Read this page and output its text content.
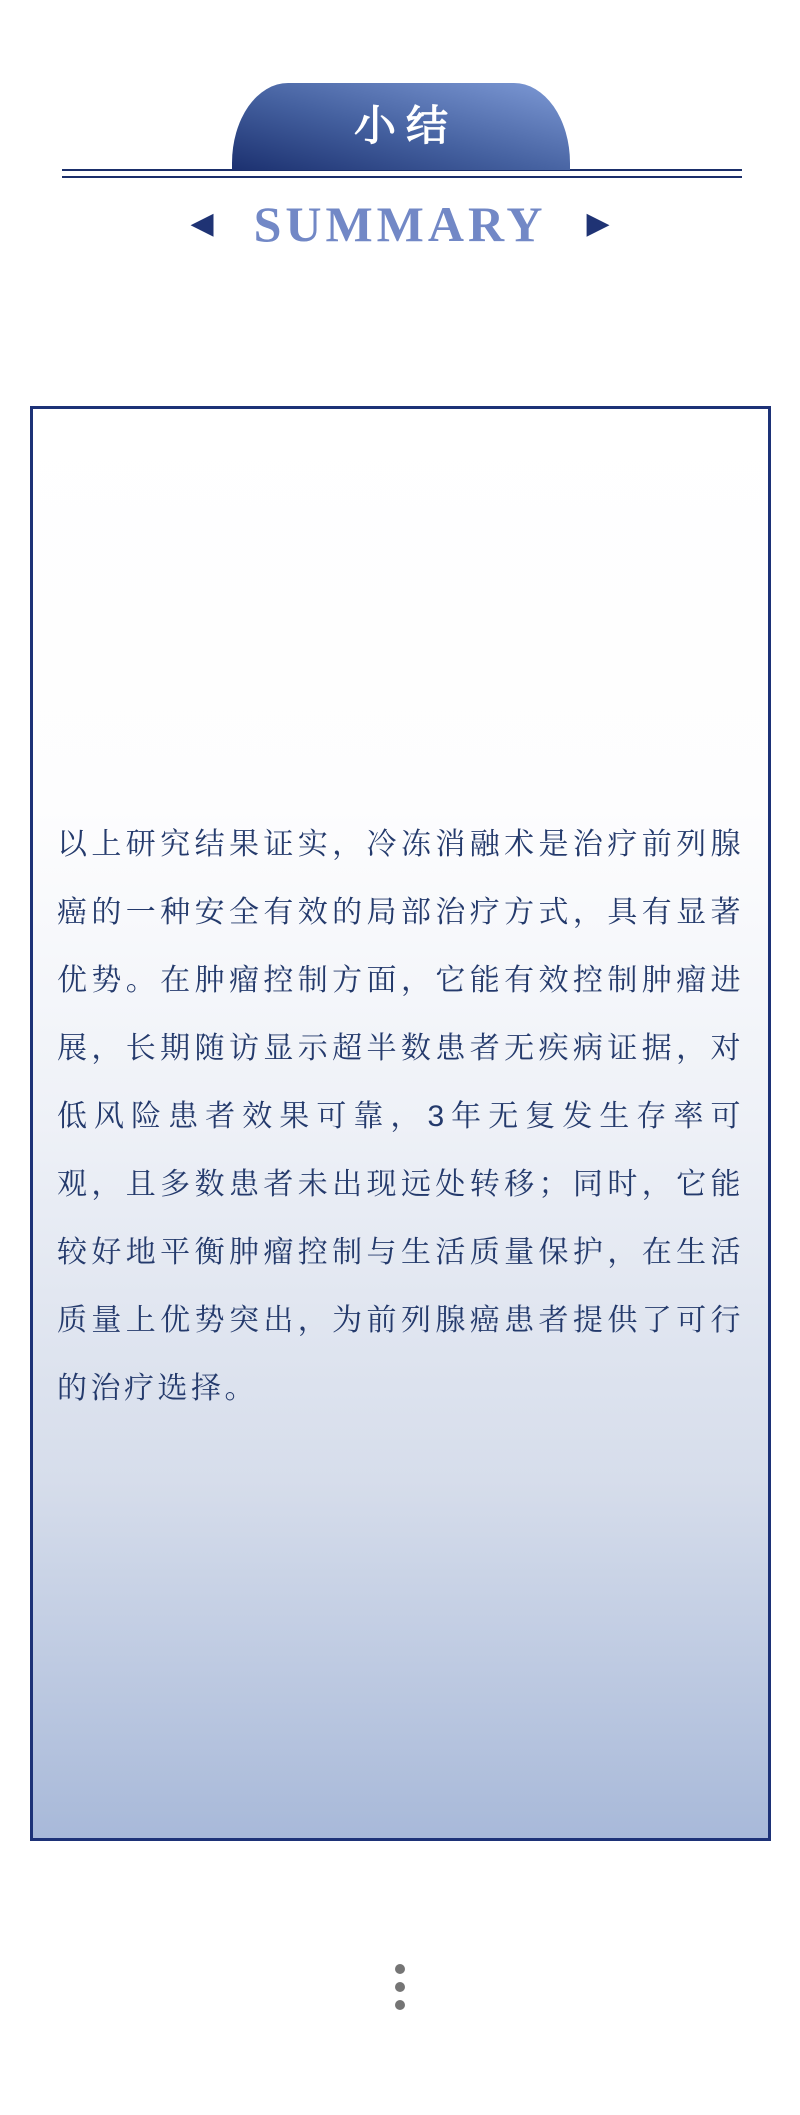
小结
◀ SUMMARY ▶

以上研究结果证实，冷冻消融术是治疗前列腺癌的一种安全有效的局部治疗方式，具有显著优势。在肿瘤控制方面，它能有效控制肿瘤进展，长期随访显示超半数患者无疾病证据，对低风险患者效果可靠，3年无复发生存率可观，且多数患者未出现远处转移；同时，它能较好地平衡肿瘤控制与生活质量保护，在生活质量上优势突出，为前列腺癌患者提供了可行的治疗选择。
